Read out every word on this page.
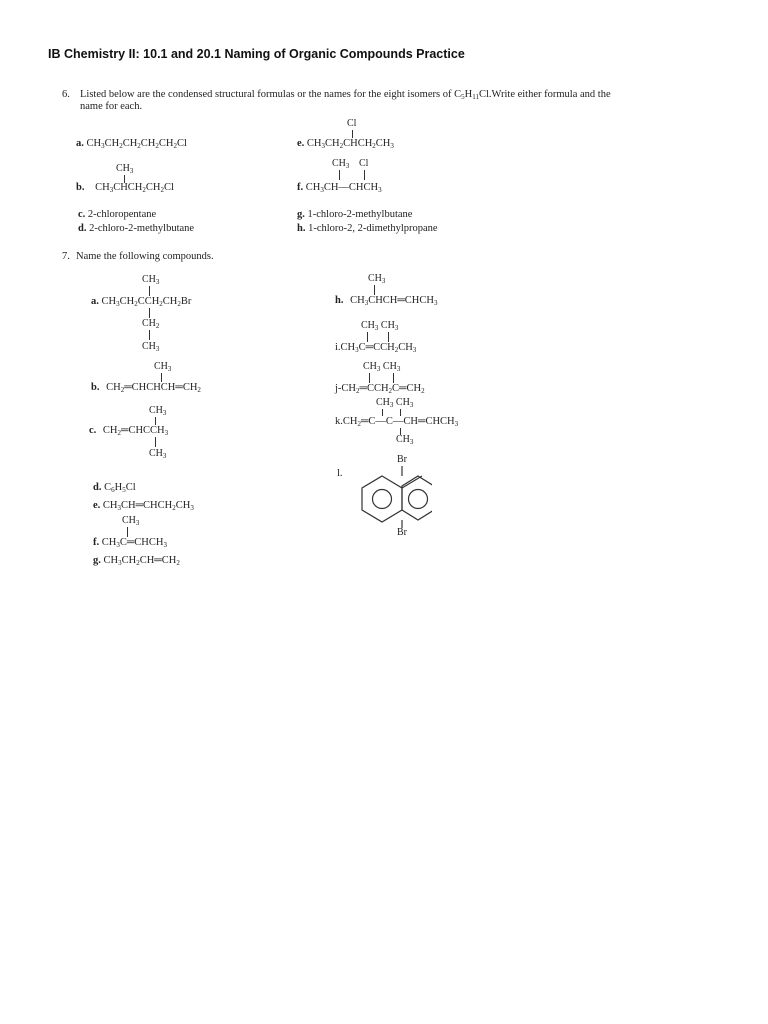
IB Chemistry II: 10.1 and 20.1 Naming of Organic Compounds Practice
6. Listed below are the condensed structural formulas or the names for the eight isomers of $C_5H_{11}Cl.Write$ either formula and the
name for each.
a. $CH_3CH_2CH_2CH_2CH_2Cl$
$CH_3$
b. $CH_3CHCH_2CH_2Cl$
c. 2-chloropentane
d. 2-chloro-2-methylbutane
Cl
e. $CH_3CH_2CHCH_2CH_3$
$CH_3$ Cl
f. $CH_3CH—CHCH_3$
g. 1-chloro-2-methylbutane
h. 1-chloro-2, 2-dimethylpropane
7. Name the following compounds.
$CH_3$
a. $CH_3CH_2CCH_2CH_2Br$
$CH_2$
$CH_3$
$CH_3$
b. $CH_2═CHCHCH═CH_2$
$CH_3$
c. $CH_2═CHCCH_3$
$CH_3$
d. $C_6H_5Cl$
e. $CH_3CH═CHCH_2CH_3$
$CH_3$
f. $CH_3C═CHCH_3$
g. $CH_3CH_2CH═CH_2$
$CH_3$
h. $CH_3CHCH═CHCH_3$
$CH_3$ $CH_3$
$i.CH_3C═CCH_2CH_3$
$CH_3$ $CH_3$
$j-CH_2═CCH_2C═CH_2$
$CH_3$ $CH_3$
$k.CH_2═C—C—CH═CHCH_3$
$CH_3$
l.
Br
Br
